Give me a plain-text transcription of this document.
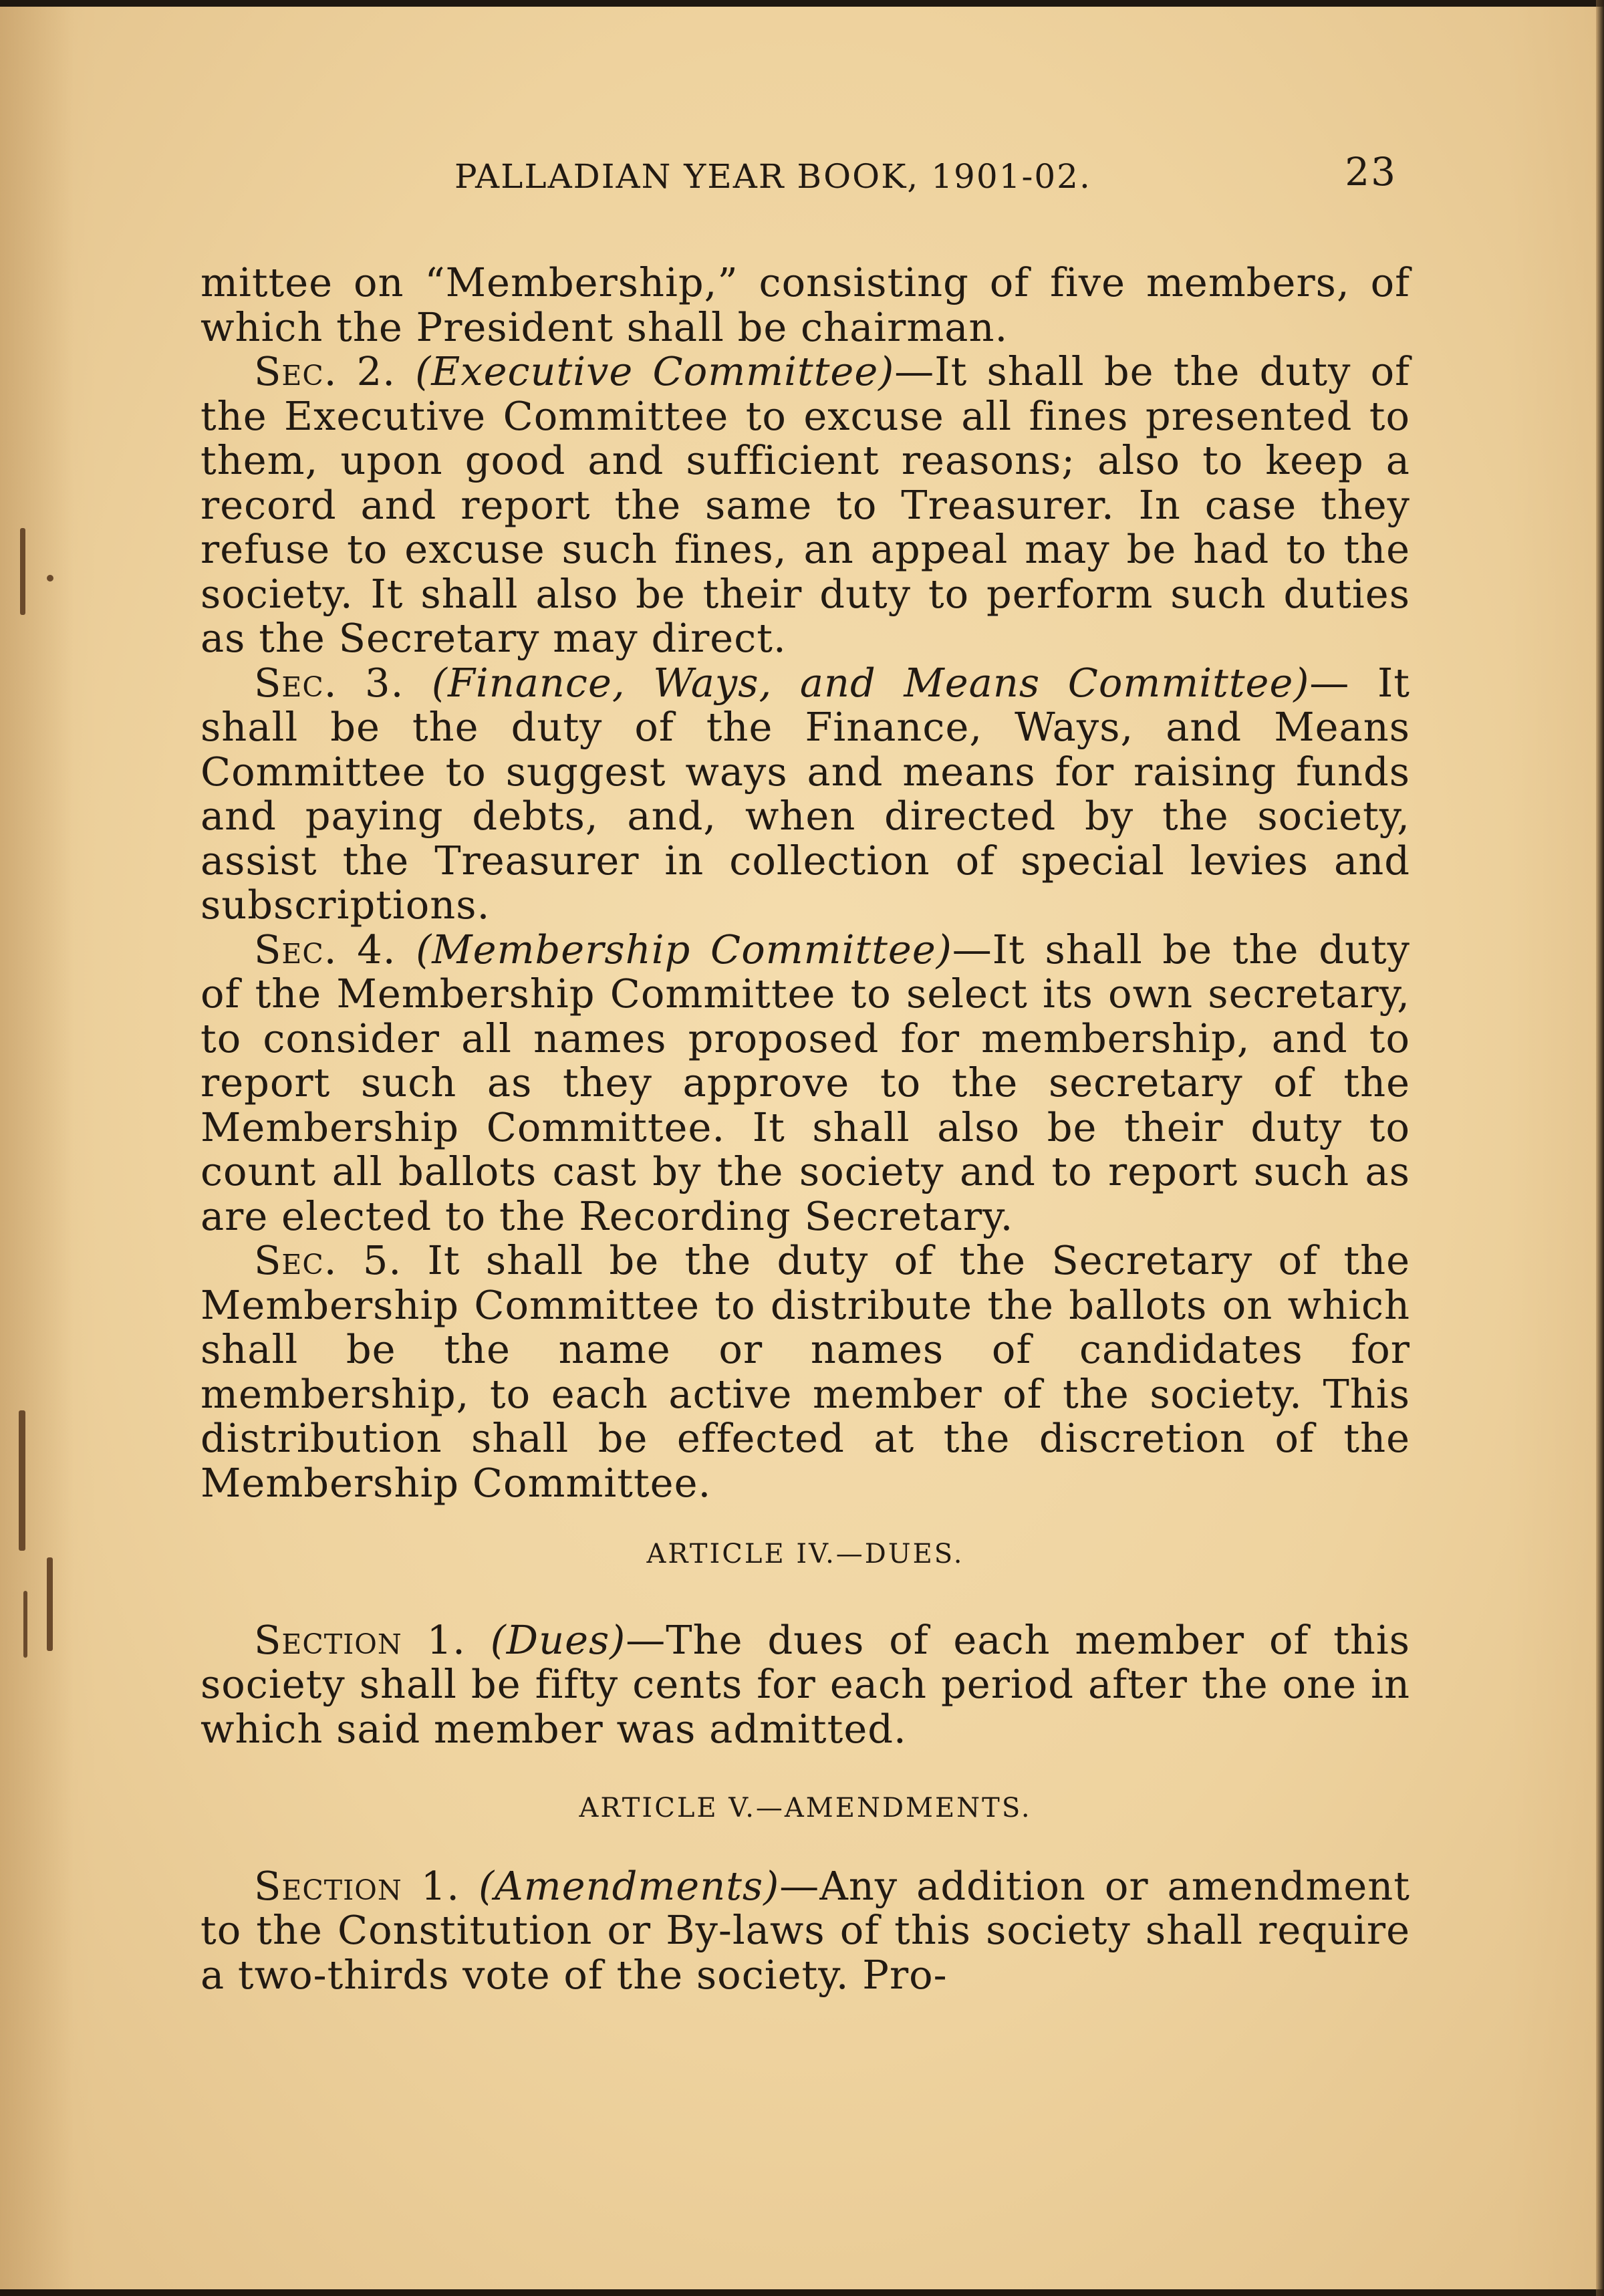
PALLADIAN YEAR BOOK, 1901-02.	23

mittee on “Membership,” consisting of five members, of which the President shall be chairman.

Sec. 2. (Executive Committee)—It shall be the duty of the Executive Committee to excuse all fines presented to them, upon good and sufficient reasons; also to keep a record and report the same to Treasurer. In case they refuse to excuse such fines, an appeal may be had to the society. It shall also be their duty to perform such duties as the Secretary may direct.

Sec. 3. (Finance, Ways, and Means Committee)— It shall be the duty of the Finance, Ways, and Means Committee to suggest ways and means for raising funds and paying debts, and, when directed by the society, assist the Treasurer in collection of special levies and subscriptions.

Sec. 4. (Membership Committee)—It shall be the duty of the Membership Committee to select its own secretary, to consider all names proposed for membership, and to report such as they approve to the secretary of the Membership Committee. It shall also be their duty to count all ballots cast by the society and to report such as are elected to the Recording Secretary.

Sec. 5. It shall be the duty of the Secretary of the Membership Committee to distribute the ballots on which shall be the name or names of candidates for membership, to each active member of the society. This distribution shall be effected at the discretion of the Membership Committee.

ARTICLE IV.—DUES.

Section 1. (Dues)—The dues of each member of this society shall be fifty cents for each period after the one in which said member was admitted.

ARTICLE V.—AMENDMENTS.

Section 1. (Amendments)—Any addition or amendment to the Constitution or By-laws of this society shall require a two-thirds vote of the society. Pro-
